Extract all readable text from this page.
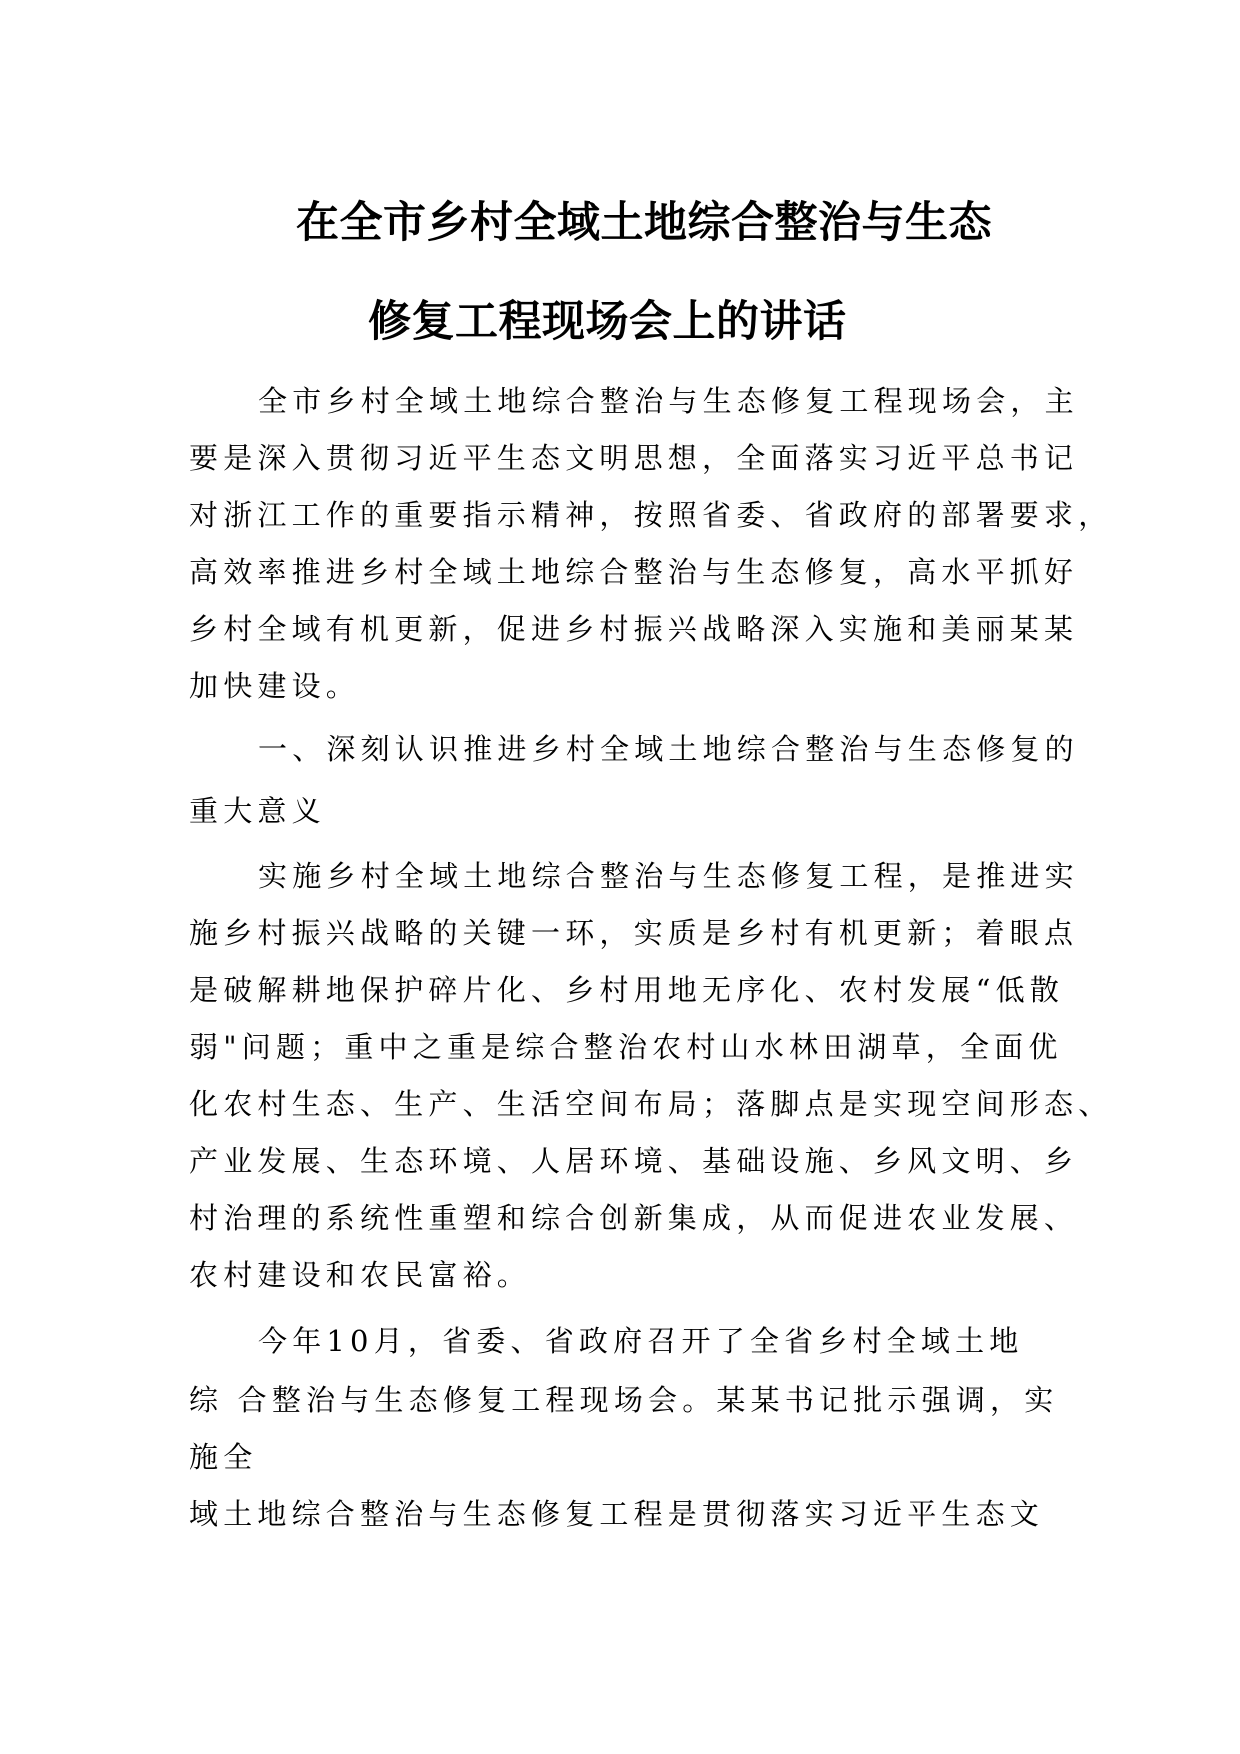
在全市乡村全域土地综合整治与生态
修复工程现场会上的讲话
全市乡村全域土地综合整治与生态修复工程现场会，主
要是深入贯彻习近平生态文明思想，全面落实习近平总书记
对浙江工作的重要指示精神，按照省委、省政府的部署要求，
高效率推进乡村全域土地综合整治与生态修复，高水平抓好
乡村全域有机更新，促进乡村振兴战略深入实施和美丽某某
加快建设。
一、深刻认识推进乡村全域土地综合整治与生态修复的
重大意义
实施乡村全域土地综合整治与生态修复工程，是推进实
施乡村振兴战略的关键一环，实质是乡村有机更新；着眼点
是破解耕地保护碎片化、乡村用地无序化、农村发展“低散
弱"问题；重中之重是综合整治农村山水林田湖草，全面优
化农村生态、生产、生活空间布局；落脚点是实现空间形态、
产业发展、生态环境、人居环境、基础设施、乡风文明、乡
村治理的系统性重塑和综合创新集成，从而促进农业发展、
农村建设和农民富裕。
今年10月，省委、省政府召开了全省乡村全域土地
综 合整治与生态修复工程现场会。某某书记批示强调，实
施全
域土地综合整治与生态修复工程是贯彻落实习近平生态文
